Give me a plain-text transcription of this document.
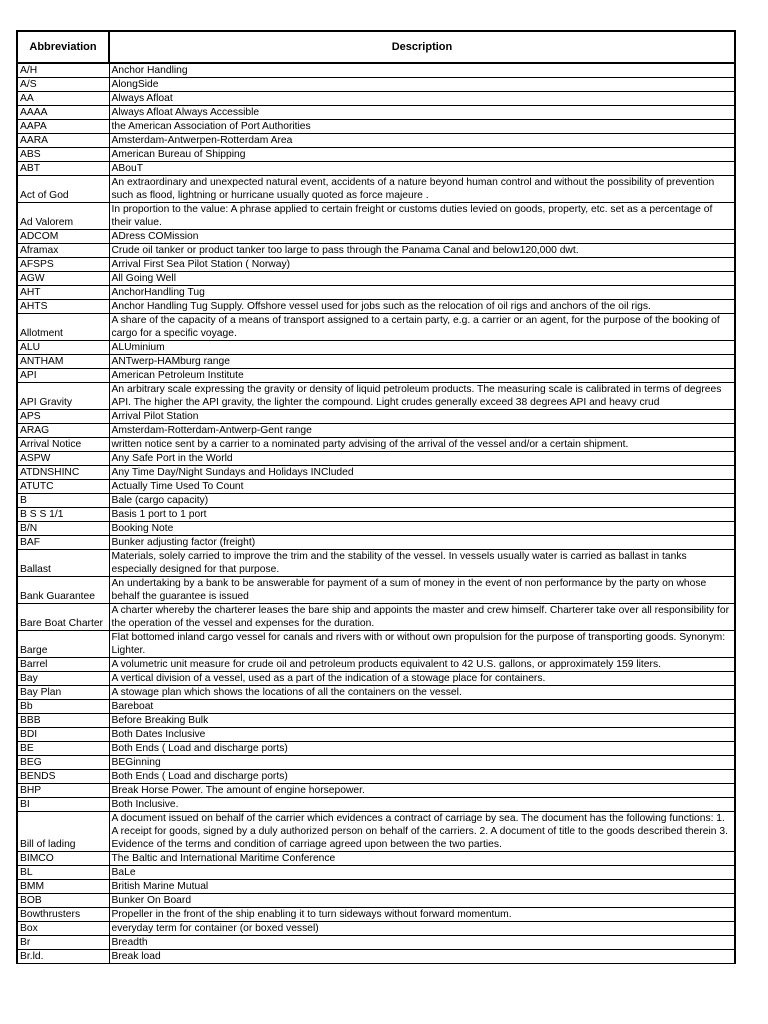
Abbreviation	Description
A/H	Anchor Handling
A/S	AlongSide
AA	Always Afloat
AAAA	Always Afloat Always Accessible
AAPA	the American Association of Port Authorities
AARA	Amsterdam-Antwerpen-Rotterdam Area
ABS	American Bureau of Shipping
ABT	ABouT
Act of God	An extraordinary and unexpected natural event, accidents of a nature beyond human control and without the possibility of prevention such as flood, lightning or hurricane usually quoted as force majeure .
Ad Valorem	In proportion to the value: A phrase applied to certain freight or customs duties levied on goods, property, etc. set as a percentage of their value.
ADCOM	ADress COMission
Aframax	Crude oil tanker or product tanker too large to pass through the Panama Canal and below120,000 dwt.
AFSPS	Arrival First Sea Pilot Station ( Norway)
AGW	All Going Well
AHT	AnchorHandling Tug
AHTS	Anchor Handling Tug Supply. Offshore vessel used for jobs such as the relocation of oil rigs and anchors of the oil rigs.
Allotment	A share of the capacity of a means of transport assigned to a certain party, e.g. a carrier or an agent, for the purpose of the booking of cargo for a specific voyage.
ALU	ALUminium
ANTHAM	ANTwerp-HAMburg range
API	American Petroleum Institute
API Gravity	An arbitrary scale expressing the gravity or density of liquid petroleum products. The measuring scale is calibrated in terms of degrees API. The higher the API gravity, the lighter the compound. Light crudes generally exceed 38 degrees API and heavy crud
APS	Arrival Pilot Station
ARAG	Amsterdam-Rotterdam-Antwerp-Gent range
Arrival Notice	written notice sent by a carrier to a nominated party advising of the arrival of the vessel and/or a certain shipment.
ASPW	Any Safe Port in the World
ATDNSHINC	Any Time Day/Night Sundays and Holidays INCluded
ATUTC	Actually Time Used To Count
B	Bale (cargo capacity)
B S S 1/1	Basis 1 port to 1 port
B/N	Booking Note
BAF	Bunker adjusting factor (freight)
Ballast	Materials, solely carried to improve the trim and the stability of the vessel. In vessels usually water is carried as ballast in tanks especially designed for that purpose.
Bank Guarantee	An undertaking by a bank to be answerable for payment of a sum of money in the event of non performance by the party on whose behalf the guarantee is issued
Bare Boat Charter	A charter whereby the charterer leases the bare ship and appoints the master and crew himself. Charterer take over all responsibility for the operation of the vessel and expenses for the duration.
Barge	Flat bottomed inland cargo vessel for canals and rivers with or without own propulsion for the purpose of transporting goods. Synonym: Lighter.
Barrel	A volumetric unit measure for crude oil and petroleum products equivalent to 42 U.S. gallons, or approximately 159 liters.
Bay	A vertical division of a vessel, used as a part of the indication of a stowage place for containers.
Bay Plan	A stowage plan which shows the locations of all the containers on the vessel.
Bb	Bareboat
BBB	Before Breaking Bulk
BDI	Both Dates Inclusive
BE	Both Ends ( Load and discharge ports)
BEG	BEGinning
BENDS	Both Ends ( Load and discharge ports)
BHP	Break Horse Power. The amount of engine horsepower.
BI	Both Inclusive.
Bill of lading	A document issued on behalf of the carrier which evidences a contract of carriage by sea. The document has the following functions: 1. A receipt for goods, signed by a duly authorized person on behalf of the carriers. 2. A document of title to the goods described therein 3. Evidence of the terms and condition of carriage agreed upon between the two parties.
BIMCO	The Baltic and International Maritime Conference
BL	BaLe
BMM	British Marine Mutual
BOB	Bunker On Board
Bowthrusters	Propeller in the front of the ship enabling it to turn sideways without forward momentum.
Box	everyday term for container (or boxed vessel)
Br	Breadth
Br.ld.	Break load
